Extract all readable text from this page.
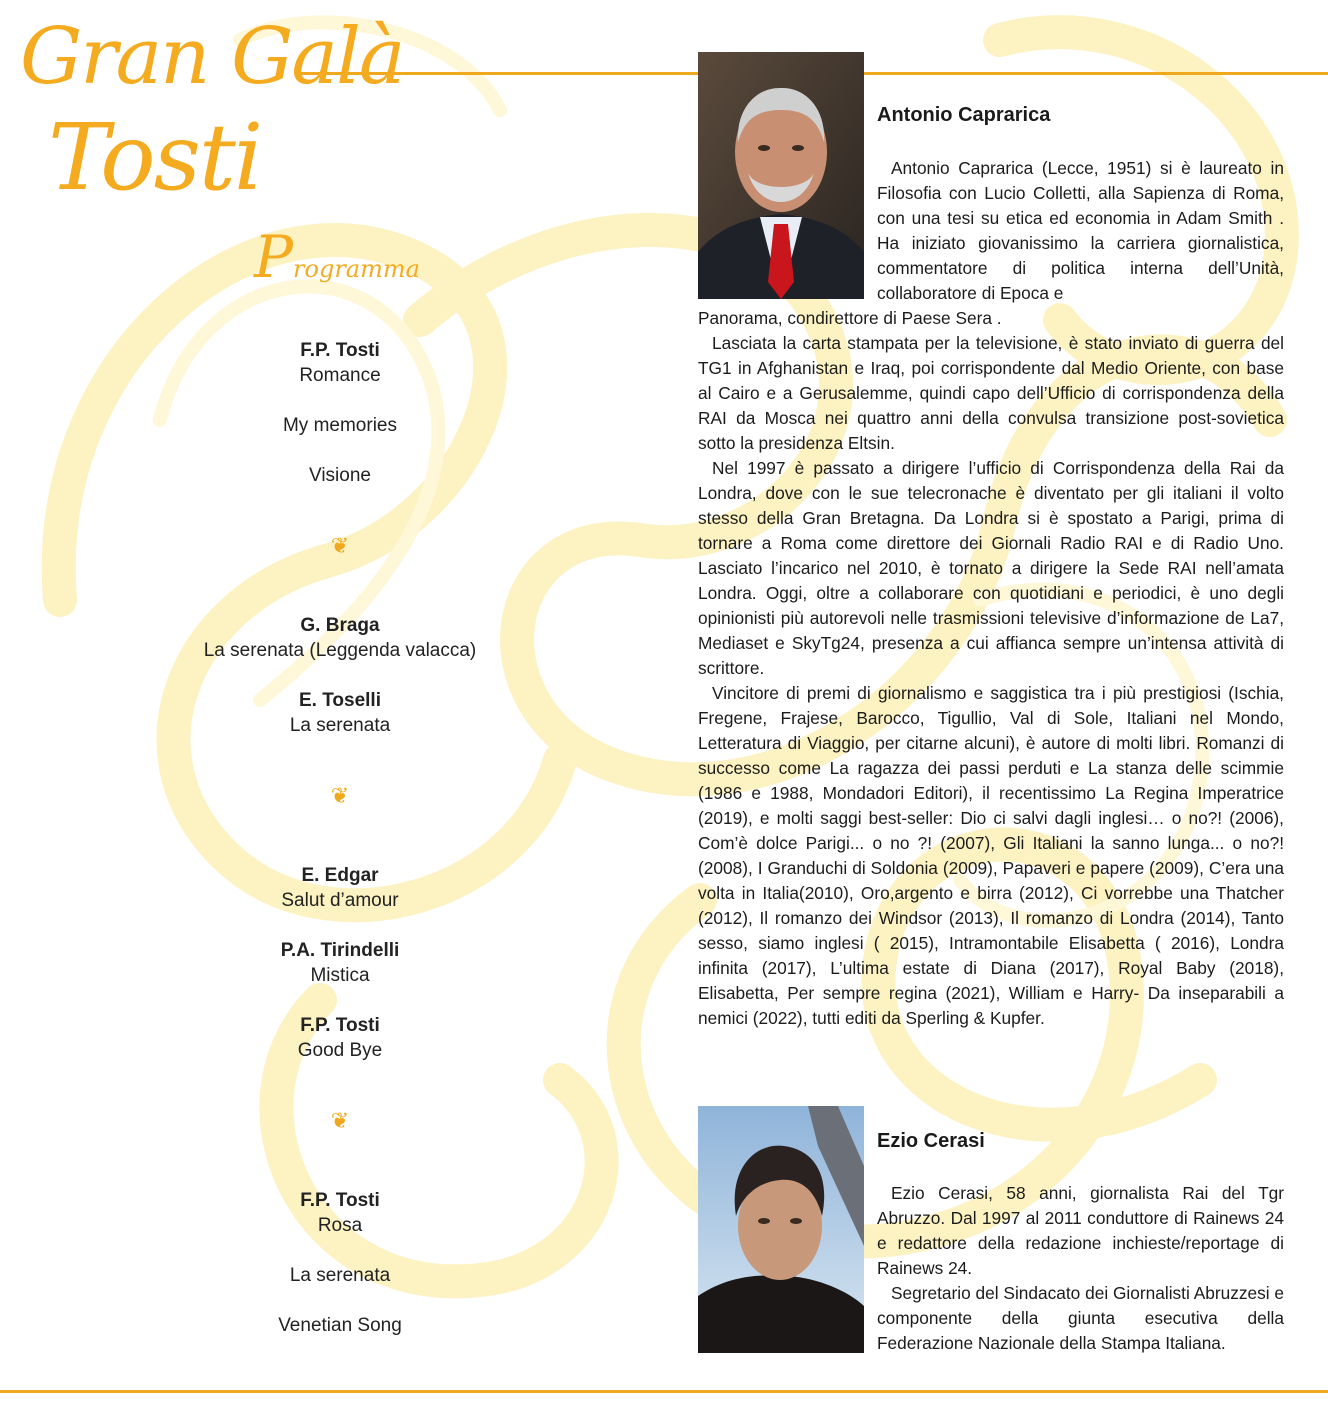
Gran Galà
Tosti
Programma
F.P. Tosti
Romance
My memories
Visione
❦
G. Braga
La serenata (Leggenda valacca)
E. Toselli
La serenata
❦
E. Edgar
Salut d’amour
P.A. Tirindelli
Mistica
F.P. Tosti
Good Bye
❦
F.P. Tosti
Rosa
La serenata
Venetian Song
Antonio Caprarica

Antonio Caprarica (Lecce, 1951) si è laureato in Filosofia con Lucio Colletti, alla Sapienza di Roma, con una tesi su etica ed economia in Adam Smith . Ha iniziato giovanissimo la carriera giornalistica, commentatore di politica interna dell’Unità, collaboratore di Epoca e

Panorama, condirettore di Paese Sera .

Lasciata la carta stampata per la televisione, è stato inviato di guerra del TG1 in Afghanistan e Iraq, poi corrispondente dal Medio Oriente, con base al Cairo e a Gerusalemme, quindi capo dell’Ufficio di corrispondenza della RAI da Mosca nei quattro anni della convulsa transizione post-sovietica sotto la presidenza Eltsin.

Nel 1997 è passato a dirigere l’ufficio di Corrispondenza della Rai da Londra, dove con le sue telecronache è diventato per gli italiani il volto stesso della Gran Bretagna. Da Londra si è spostato a Parigi, prima di tornare a Roma come direttore dei Giornali Radio RAI e di Radio Uno. Lasciato l’incarico nel 2010, è tornato a dirigere la Sede RAI nell’amata Londra. Oggi, oltre a collaborare con quotidiani e periodici, è uno degli opinionisti più autorevoli nelle trasmissioni televisive d’informazione de La7, Mediaset e SkyTg24, presenza a cui affianca sempre un’intensa attività di scrittore.

Vincitore di premi di giornalismo e saggistica tra i più prestigiosi (Ischia, Fregene, Frajese, Barocco, Tigullio, Val di Sole, Italiani nel Mondo, Letteratura di Viaggio, per citarne alcuni), è autore di molti libri. Romanzi di successo come La ragazza dei passi perduti e La stanza delle scimmie (1986 e 1988, Mondadori Editori), il recentissimo La Regina Imperatrice (2019), e molti saggi best-seller: Dio ci salvi dagli inglesi… o no?! (2006), Com’è dolce Parigi... o no ?! (2007), Gli Italiani la sanno lunga... o no?! (2008), I Granduchi di Soldonia (2009), Papaveri e papere (2009), C’era una volta in Italia(2010), Oro,argento e birra (2012), Ci vorrebbe una Thatcher (2012), Il romanzo dei Windsor (2013), Il romanzo di Londra (2014), Tanto sesso, siamo inglesi ( 2015), Intramontabile Elisabetta ( 2016), Londra infinita (2017), L’ultima estate di Diana (2017), Royal Baby (2018), Elisabetta, Per sempre regina (2021), William e Harry- Da inseparabili a nemici (2022), tutti editi da Sperling & Kupfer.

Ezio Cerasi

Ezio Cerasi, 58 anni, giornalista Rai del Tgr Abruzzo. Dal 1997 al 2011 conduttore di Rainews 24 e redattore della redazione inchieste/reportage di Rainews 24.

Segretario del Sindacato dei Giornalisti Abruzzesi e componente della giunta esecutiva della Federazione Nazionale della Stampa Italiana.
